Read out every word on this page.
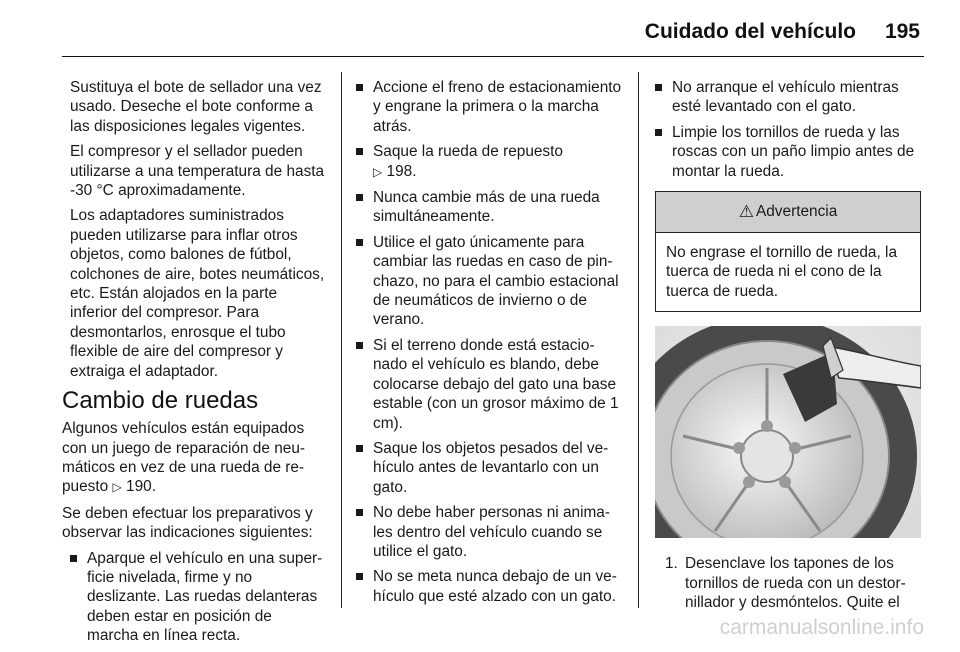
Cuidado del vehículo 195

Sustituya el bote de sellador una vez usado. Deseche el bote conforme a las disposiciones legales vigentes.

El compresor y el sellador pueden utilizarse a una temperatura de hasta -30 °C aproximadamente.

Los adaptadores suministrados pueden utilizarse para inflar otros objetos, como balones de fútbol, colchones de aire, botes neumáticos, etc. Están alojados en la parte inferior del compresor. Para desmontarlos, enrosque el tubo flexible de aire del compresor y extraiga el adaptador.

Cambio de ruedas

Algunos vehículos están equipados con un juego de reparación de neumáticos en vez de una rueda de repuesto ▷ 190.

Se deben efectuar los preparativos y observar las indicaciones siguientes:

Aparque el vehículo en una superficie nivelada, firme y no deslizante. Las ruedas delanteras deben estar en posición de marcha en línea recta.
Accione el freno de estacionamiento y engrane la primera o la marcha atrás.
Saque la rueda de repuesto
▷ 198.
Nunca cambie más de una rueda simultáneamente.
Utilice el gato únicamente para cambiar las ruedas en caso de pinchazo, no para el cambio estacional de neumáticos de invierno o de verano.
Si el terreno donde está estacionado el vehículo es blando, debe colocarse debajo del gato una base estable (con un grosor máximo de 1 cm).
Saque los objetos pesados del vehículo antes de levantarlo con un gato.
No debe haber personas ni animales dentro del vehículo cuando se utilice el gato.
No se meta nunca debajo de un vehículo que esté alzado con un gato.
No arranque el vehículo mientras esté levantado con el gato.
Limpie los tornillos de rueda y las roscas con un paño limpio antes de montar la rueda.
⚠ Advertencia
No engrase el tornillo de rueda, la tuerca de rueda ni el cono de la tuerca de rueda.
1. Desenclave los tapones de los tornillos de rueda con un destornillador y desmóntelos. Quite el
carmanualsonline.info
